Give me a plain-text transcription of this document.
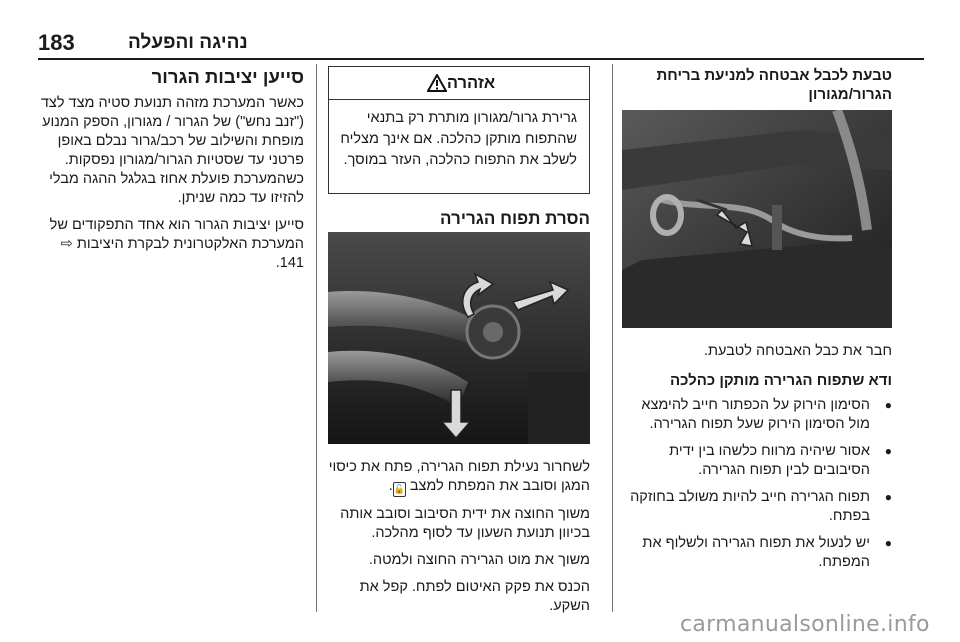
183	נהיגה והפעלה
טבעת לכבל אבטחה למניעת בריחת הגרור/מגורון

חבר את כבל האבטחה לטבעת.

ודא שתפוח הגרירה מותקן כהלכה
● הסימון הירוק על הכפתור חייב להימצא מול הסימון הירוק שעל תפוח הגרירה.
● אסור שיהיה מרווח כלשהו בין ידית הסיבובים לבין תפוח הגרירה.
● תפוח הגרירה חייב להיות משולב בחוזקה בפתח.
● יש לנעול את תפוח הגרירה ולשלוף את המפתח.
אזהרה
גרירת גרור/מגורון מותרת רק בתנאי שהתפוח מותקן כהלכה. אם אינך מצליח לשלב את התפוח כהלכה, העזר במוסך.
הסרת תפוח הגרירה

לשחרור נעילת תפוח הגרירה, פתח את כיסוי המגן וסובב את המפתח למצב 🔓.

משוך החוצה את ידית הסיבוב וסובב אותה בכיוון תנועת השעון עד לסוף מהלכה.

משוך את מוט הגרירה החוצה ולמטה.

הכנס את פקק האיטום לפתח. קפל את השקע.

סייען יציבות הגרור

כאשר המערכת מזהה תנועת סטיה מצד לצד ("זנב נחש") של הגרור / מגורון, הספק המנוע מופחת והשילוב של רכב/גרור נבלם באופן פרטני עד שסטיות הגרור/מגורון נפסקות. כשהמערכת פועלת אחוז בגלגל ההגה מבלי להזיזו עד כמה שניתן.

סייען יציבות הגרור הוא אחד התפקודים של המערכת האלקטרונית לבקרת היציבות ⇨ 141.

carmanualsonline.info
